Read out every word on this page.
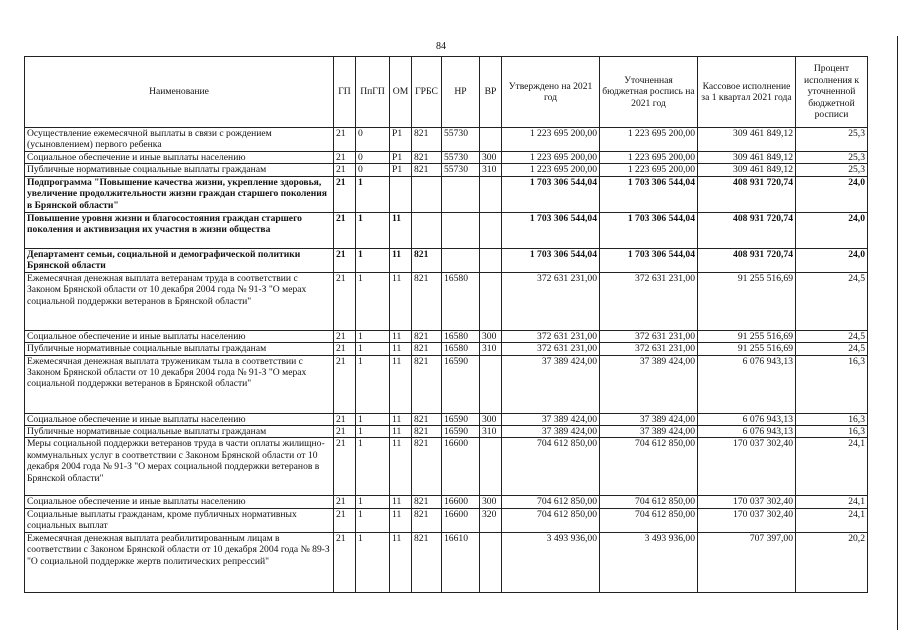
84
Наименование	ГП	ПпГП	ОМ	ГРБС	НР	ВР	Утверждено на 2021 год	Уточненная бюджетная роспись на 2021 год	Кассовое исполнение за 1 квартал 2021 года	Процент исполнения к уточненной бюджетной росписи
Осуществление ежемесячной выплаты в связи с рождением (усыновлением) первого ребенка	21	0	P1	821	55730		1 223 695 200,00	1 223 695 200,00	309 461 849,12	25,3
Социальное обеспечение и иные выплаты населению	21	0	P1	821	55730	300	1 223 695 200,00	1 223 695 200,00	309 461 849,12	25,3
Публичные нормативные социальные выплаты гражданам	21	0	P1	821	55730	310	1 223 695 200,00	1 223 695 200,00	309 461 849,12	25,3
Подпрограмма "Повышение качества жизни, укрепление здоровья, увеличение продолжительности жизни граждан старшего поколения в Брянской области"	21	1					1 703 306 544,04	1 703 306 544,04	408 931 720,74	24,0
Повышение уровня жизни и благосостояния граждан старшего поколения и активизация их участия в жизни общества	21	1	11				1 703 306 544,04	1 703 306 544,04	408 931 720,74	24,0
Департамент семьи, социальной и демографической политики Брянской области	21	1	11	821			1 703 306 544,04	1 703 306 544,04	408 931 720,74	24,0
Ежемесячная денежная выплата ветеранам труда в соответствии с Законом Брянской области от 10 декабря 2004 года № 91-З "О мерах социальной поддержки ветеранов в Брянской области"	21	1	11	821	16580		372 631 231,00	372 631 231,00	91 255 516,69	24,5
Социальное обеспечение и иные выплаты населению	21	1	11	821	16580	300	372 631 231,00	372 631 231,00	91 255 516,69	24,5
Публичные нормативные социальные выплаты гражданам	21	1	11	821	16580	310	372 631 231,00	372 631 231,00	91 255 516,69	24,5
Ежемесячная денежная выплата труженикам тыла в соответствии с Законом Брянской области от 10 декабря 2004 года № 91-З "О мерах социальной поддержки ветеранов в Брянской области"	21	1	11	821	16590		37 389 424,00	37 389 424,00	6 076 943,13	16,3
Социальное обеспечение и иные выплаты населению	21	1	11	821	16590	300	37 389 424,00	37 389 424,00	6 076 943,13	16,3
Публичные нормативные социальные выплаты гражданам	21	1	11	821	16590	310	37 389 424,00	37 389 424,00	6 076 943,13	16,3
Меры социальной поддержки ветеранов труда в части оплаты жилищно-коммунальных услуг в соответствии с Законом Брянской области от 10 декабря 2004 года № 91-З "О мерах социальной поддержки ветеранов в Брянской области"	21	1	11	821	16600		704 612 850,00	704 612 850,00	170 037 302,40	24,1
Социальное обеспечение и иные выплаты населению	21	1	11	821	16600	300	704 612 850,00	704 612 850,00	170 037 302,40	24,1
Социальные выплаты гражданам, кроме публичных нормативных социальных выплат	21	1	11	821	16600	320	704 612 850,00	704 612 850,00	170 037 302,40	24,1
Ежемесячная денежная выплата реабилитированным лицам в соответствии с Законом Брянской области от 10 декабря 2004 года № 89-З "О социальной поддержке жертв политических репрессий"	21	1	11	821	16610		3 493 936,00	3 493 936,00	707 397,00	20,2
